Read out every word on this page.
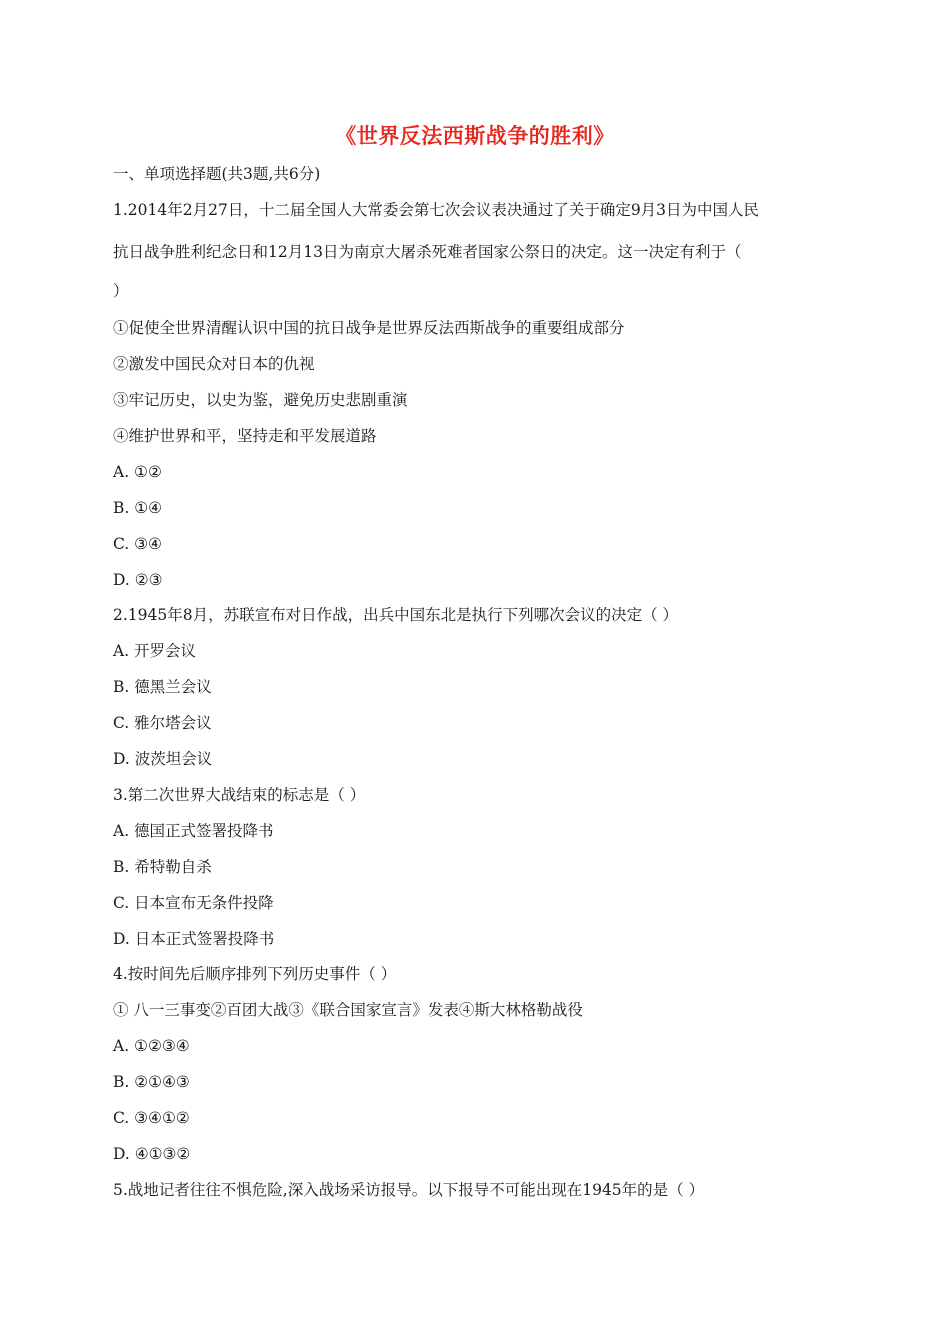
《世界反法西斯战争的胜利》
一、单项选择题(共3题,共6分)
1.2014年2月27日，十二届全国人大常委会第七次会议表决通过了关于确定9月3日为中国人民
抗日战争胜利纪念日和12月13日为南京大屠杀死难者国家公祭日的决定。这一决定有利于（
）
①促使全世界清醒认识中国的抗日战争是世界反法西斯战争的重要组成部分
②激发中国民众对日本的仇视
③牢记历史，以史为鉴，避免历史悲剧重演
④维护世界和平，坚持走和平发展道路
A. ①②
B. ①④
C. ③④
D. ②③
2.1945年8月，苏联宣布对日作战，出兵中国东北是执行下列哪次会议的决定（ ）
A. 开罗会议
B. 德黑兰会议
C. 雅尔塔会议
D. 波茨坦会议
3.第二次世界大战结束的标志是（ ）
A. 德国正式签署投降书
B. 希特勒自杀
C. 日本宣布无条件投降
D. 日本正式签署投降书
4.按时间先后顺序排列下列历史事件（ ）
① 八一三事变②百团大战③《联合国家宣言》发表④斯大林格勒战役
A. ①②③④
B. ②①④③
C. ③④①②
D. ④①③②
5.战地记者往往不惧危险,深入战场采访报导。以下报导不可能出现在1945年的是（ ）
